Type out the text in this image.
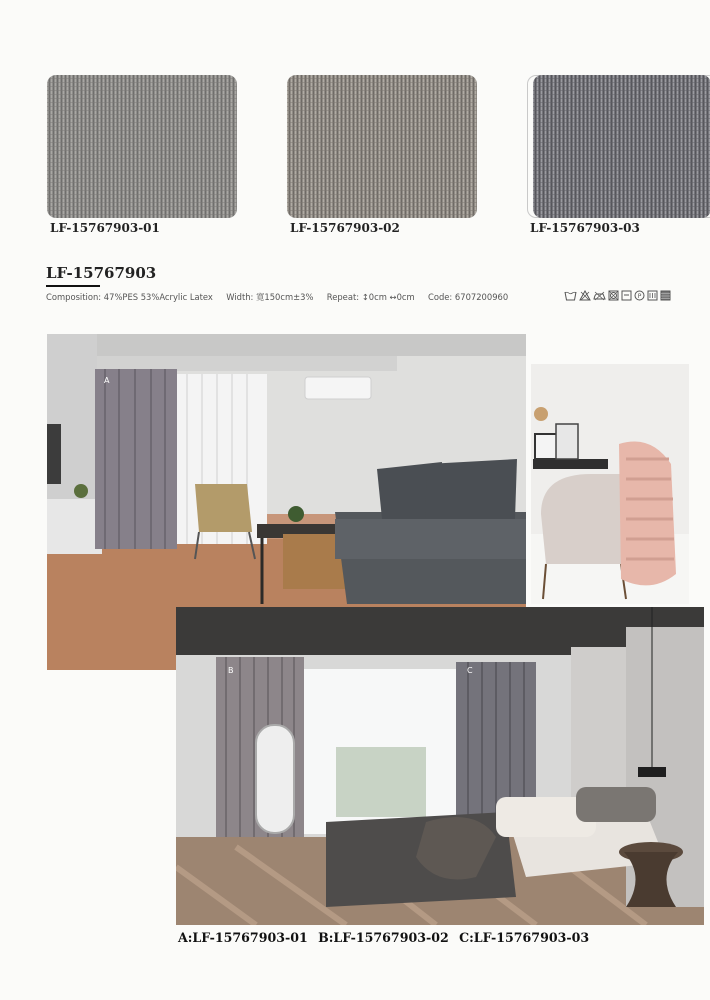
LF-15767903-01	LF-15767903-02	LF-15767903-03
LF-15767903
Composition: 47%PES 53%Acrylic Latex Width: 寛150cm±3% Repeat: ↕0cm ↔0cm Code: 6707200960	P
A
B	C
A:LF-15767903-01 B:LF-15767903-02 C:LF-15767903-03
